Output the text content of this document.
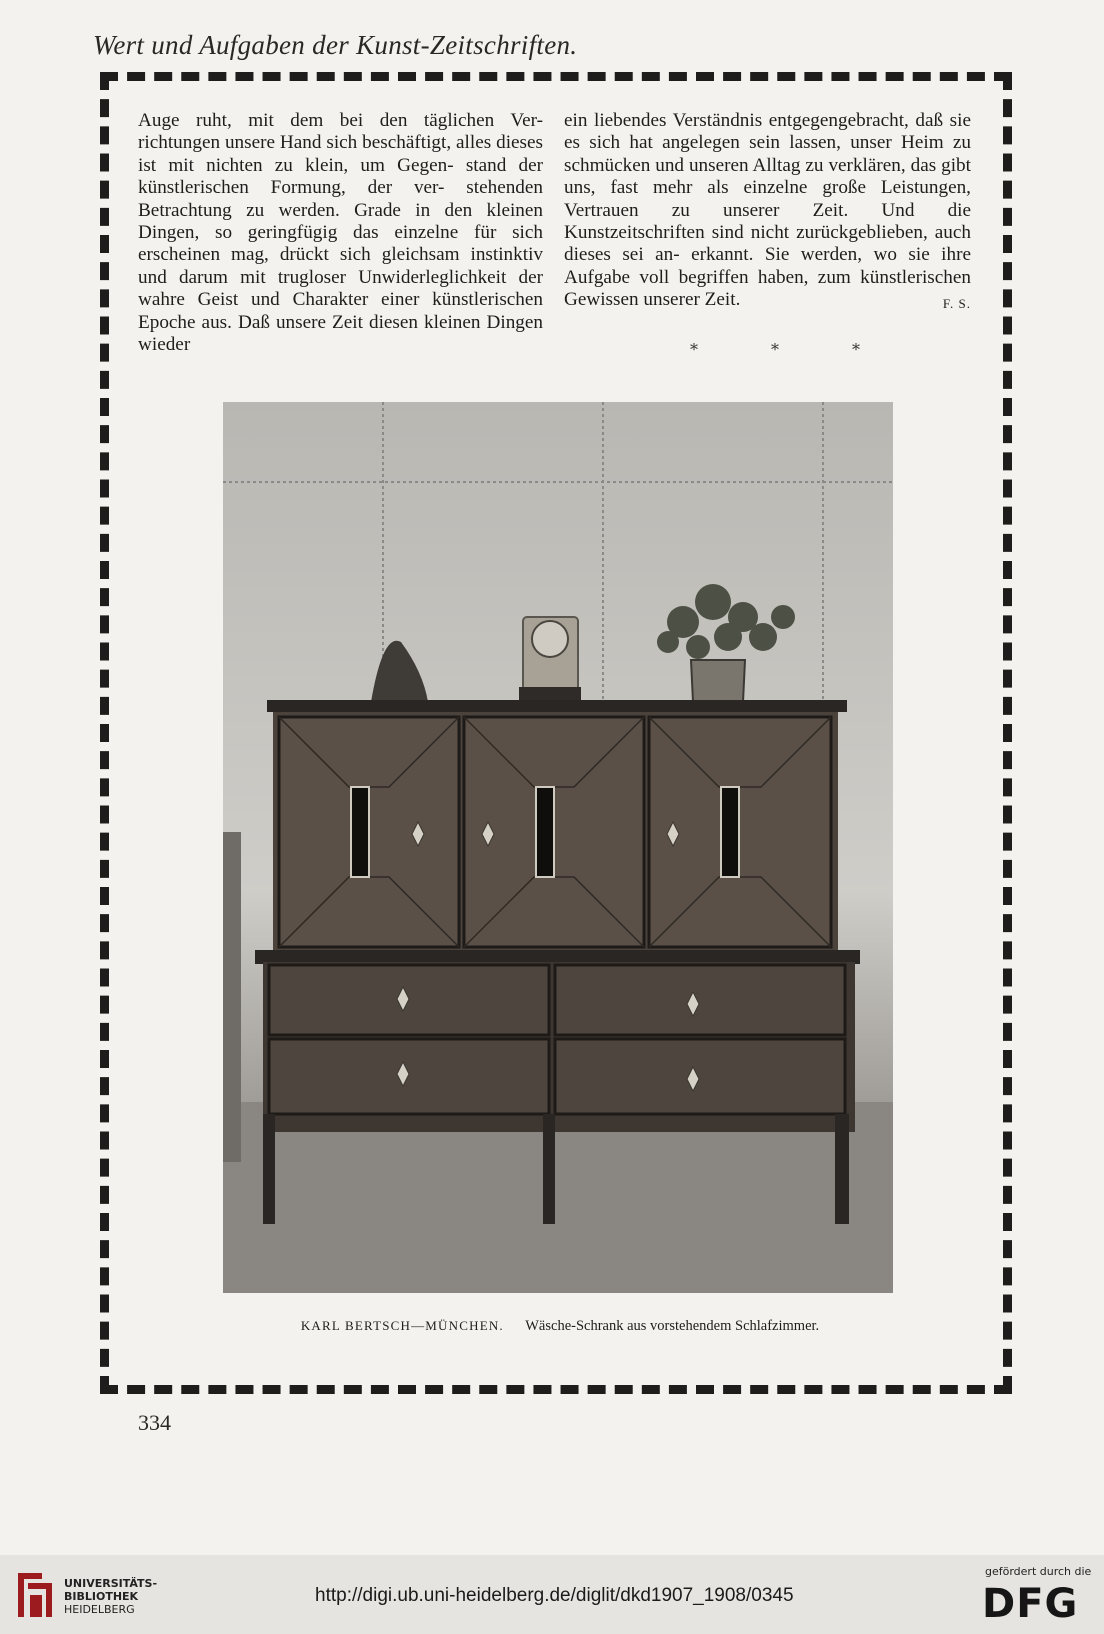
Wert und Aufgaben der Kunst-Zeitschriften.

Auge ruht, mit dem bei den täglichen Ver- richtungen unsere Hand sich beschäftigt, alles dieses ist mit nichten zu klein, um Gegen- stand der künstlerischen Formung, der ver- stehenden Betrachtung zu werden. Grade in den kleinen Dingen, so geringfügig das einzelne für sich erscheinen mag, drückt sich gleichsam instinktiv und darum mit trugloser Unwiderleglichkeit der wahre Geist und Charakter einer künstlerischen Epoche aus. Daß unsere Zeit diesen kleinen Dingen wieder

ein liebendes Verständnis entgegengebracht, daß sie es sich hat angelegen sein lassen, unser Heim zu schmücken und unseren Alltag zu verklären, das gibt uns, fast mehr als einzelne große Leistungen, Vertrauen zu unserer Zeit. Und die Kunstzeitschriften sind nicht zurückgeblieben, auch dieses sei an- erkannt. Sie werden, wo sie ihre Aufgabe voll begriffen haben, zum künstlerischen Gewissen unserer Zeit.	F. S.

*	*	*
KARL BERTSCH—MÜNCHEN. Wäsche-Schrank aus vorstehendem Schlafzimmer.
334
UNIVERSITÄTS-
BIBLIOTHEK
HEIDELBERG
http://digi.ub.uni-heidelberg.de/diglit/dkd1907_1908/0345
gefördert durch die
DFG
